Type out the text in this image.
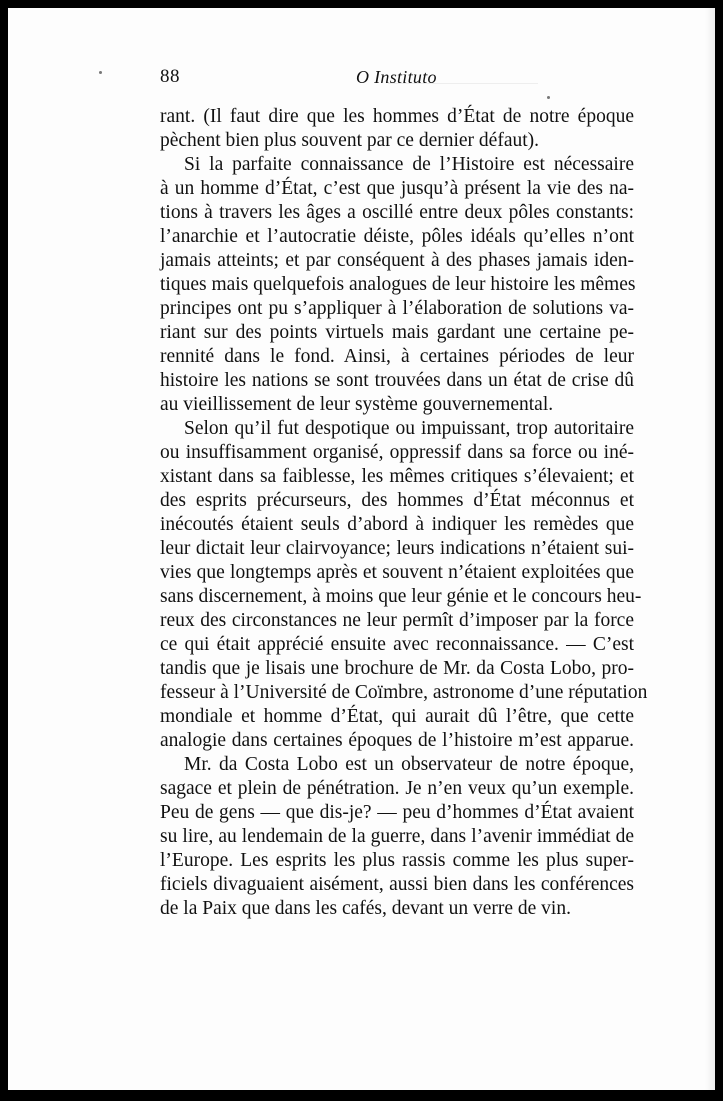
88	O Instituto
rant. (Il faut dire que les hommes d’État de notre époque
pèchent bien plus souvent par ce dernier défaut).
Si la parfaite connaissance de l’Histoire est nécessaire
à un homme d’État, c’est que jusqu’à présent la vie des na-
tions à travers les âges a oscillé entre deux pôles constants:
l’anarchie et l’autocratie déiste, pôles idéals qu’elles n’ont
jamais atteints; et par conséquent à des phases jamais iden-
tiques mais quelquefois analogues de leur histoire les mêmes
principes ont pu s’appliquer à l’élaboration de solutions va-
riant sur des points virtuels mais gardant une certaine pe-
rennité dans le fond. Ainsi, à certaines périodes de leur
histoire les nations se sont trouvées dans un état de crise dû
au vieillissement de leur système gouvernemental.
Selon qu’il fut despotique ou impuissant, trop autoritaire
ou insuffisamment organisé, oppressif dans sa force ou iné-
xistant dans sa faiblesse, les mêmes critiques s’élevaient; et
des esprits précurseurs, des hommes d’État méconnus et
inécoutés étaient seuls d’abord à indiquer les remèdes que
leur dictait leur clairvoyance; leurs indications n’étaient sui-
vies que longtemps après et souvent n’étaient exploitées que
sans discernement, à moins que leur génie et le concours heu-
reux des circonstances ne leur permît d’imposer par la force
ce qui était apprécié ensuite avec reconnaissance. — C’est
tandis que je lisais une brochure de Mr. da Costa Lobo, pro-
fesseur à l’Université de Coïmbre, astronome d’une réputation
mondiale et homme d’État, qui aurait dû l’être, que cette
analogie dans certaines époques de l’histoire m’est apparue.
Mr. da Costa Lobo est un observateur de notre époque,
sagace et plein de pénétration. Je n’en veux qu’un exemple.
Peu de gens — que dis-je? — peu d’hommes d’État avaient
su lire, au lendemain de la guerre, dans l’avenir immédiat de
l’Europe. Les esprits les plus rassis comme les plus super-
ficiels divaguaient aisément, aussi bien dans les conférences
de la Paix que dans les cafés, devant un verre de vin.
